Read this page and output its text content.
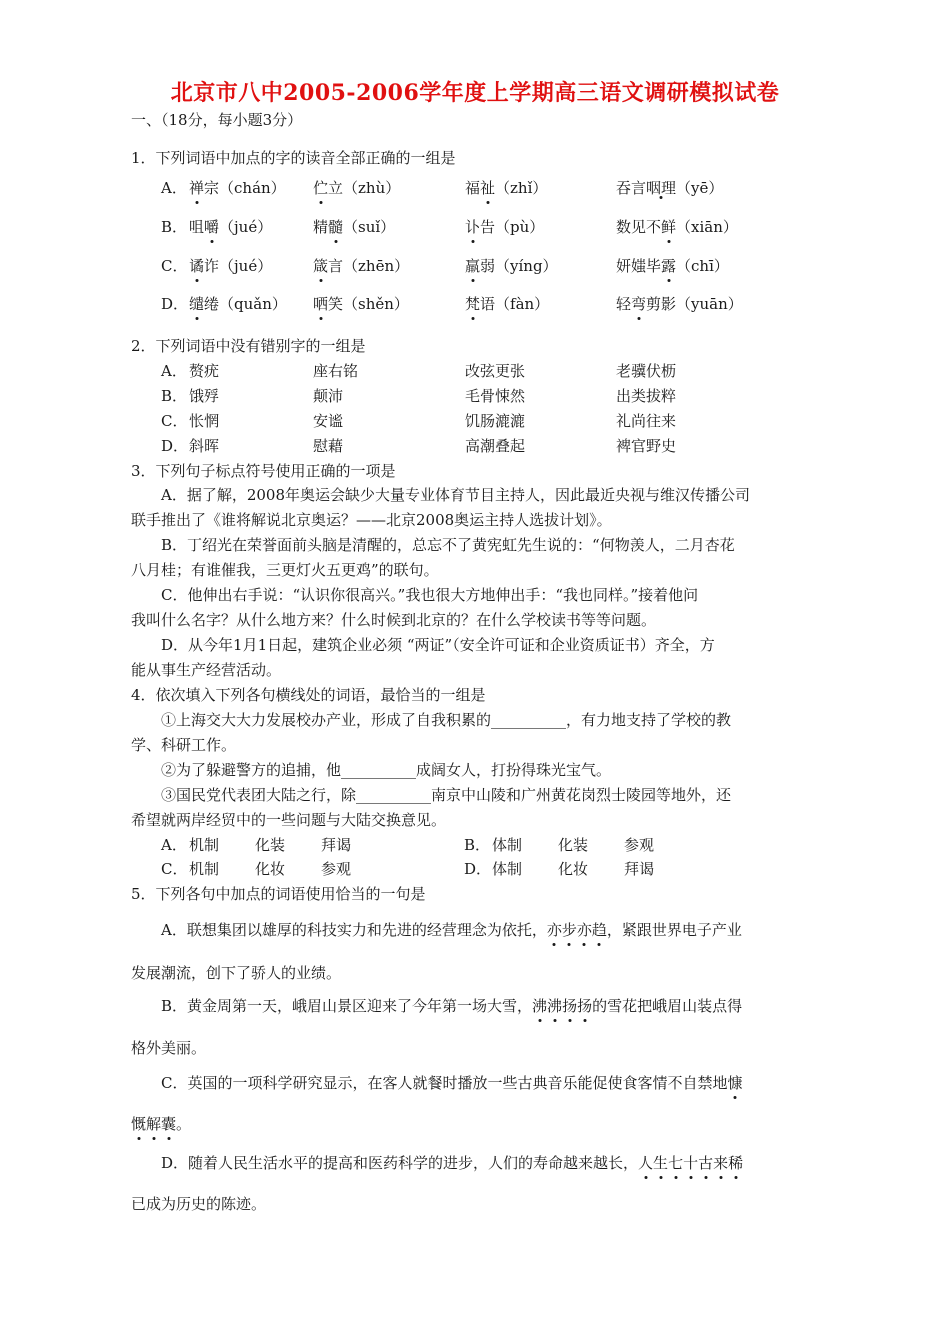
北京市八中2005-2006学年度上学期高三语文调研模拟试卷
一、（18分，每小题3分）
1．下列词语中加点的字的读音全部正确的一组是
A． 禅宗（chán） 伫立（zhù）	福祉（zhǐ）	吞言咽理（yē）
B． 咀嚼（jué）	精髓（suǐ）	讣告（pù）	数见不鲜（xiān）
C． 谲诈（jué）	箴言（zhēn）	羸弱（yíng）	妍媸毕露（chī）
D． 缱绻（quǎn） 哂笑（shěn）	梵语（fàn）	轻弯剪影（yuān）
2．下列词语中没有错别字的一组是
A． 赘疣	座右铭	改弦更张	老骥伏枥
B． 饿殍	颠沛	毛骨悚然	出类拔粹
C． 怅惘	安谧	饥肠漉漉	礼尚往来
D． 斜晖	慰藉	高潮叠起	裨官野史
3．下列句子标点符号使用正确的一项是
A．据了解，2008年奥运会缺少大量专业体育节目主持人，因此最近央视与维汉传播公司
联手推出了《谁将解说北京奥运？——北京2008奥运主持人选拔计划》。
B．丁绍光在荣誉面前头脑是清醒的，总忘不了黄宪虹先生说的：“何物羡人，二月杏花
八月桂；有谁催我，三更灯火五更鸡”的联句。
C．他伸出右手说：“认识你很高兴。”我也很大方地伸出手：“我也同样。”接着他问
我叫什么名字？从什么地方来？什么时候到北京的？在什么学校读书等等问题。
D．从今年1月1日起，建筑企业必须 “两证”（安全许可证和企业资质证书）齐全，方
能从事生产经营活动。
4．依次填入下列各句横线处的词语，最恰当的一组是
①上海交大大力发展校办产业，形成了自我积累的__________，有力地支持了学校的教
学、科研工作。
②为了躲避警方的追捕，他__________成阔女人，打扮得珠光宝气。
③国民党代表团大陆之行，除__________南京中山陵和广州黄花岗烈士陵园等地外，还
希望就两岸经贸中的一些问题与大陆交换意见。
A． 机制 化装 拜谒	B． 体制 化装 参观
C． 机制 化妆 参观	D． 体制 化妆 拜谒
5．下列各句中加点的词语使用恰当的一句是
A．联想集团以雄厚的科技实力和先进的经营理念为依托，亦步亦趋，紧跟世界电子产业
发展潮流，创下了骄人的业绩。
B．黄金周第一天，峨眉山景区迎来了今年第一场大雪，沸沸扬扬的雪花把峨眉山装点得
格外美丽。
C．英国的一项科学研究显示，在客人就餐时播放一些古典音乐能促使食客情不自禁地慷
慨解囊。
D．随着人民生活水平的提高和医药科学的进步，人们的寿命越来越长，人生七十古来稀
已成为历史的陈迹。
